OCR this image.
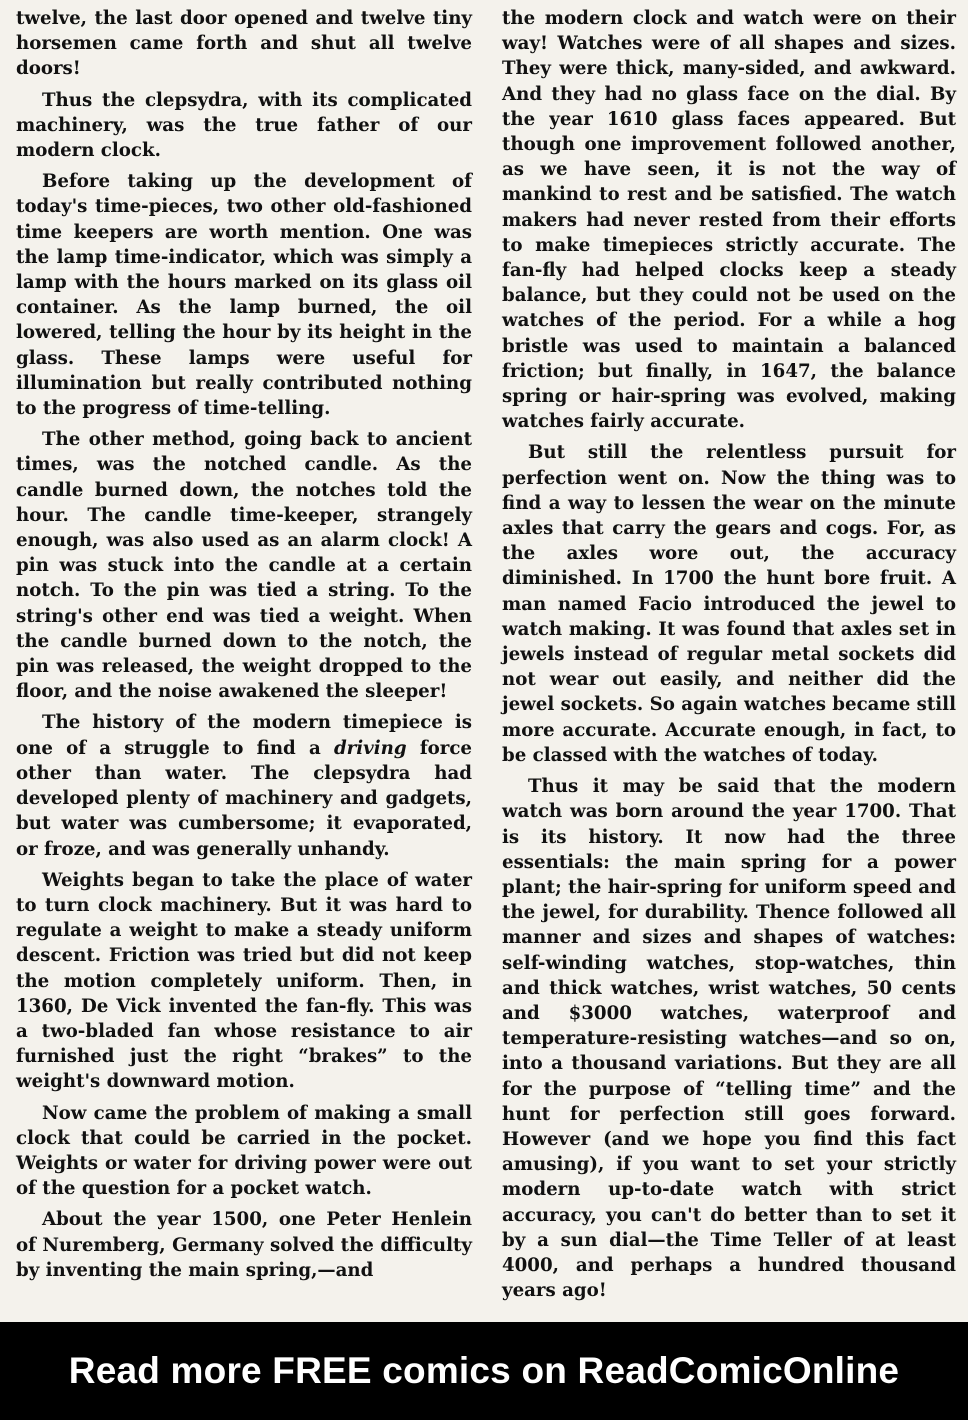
twelve, the last door opened and twelve tiny horsemen came forth and shut all twelve doors!

Thus the clepsydra, with its complicated machinery, was the true father of our modern clock.

Before taking up the development of today's time-pieces, two other old-fashioned time keepers are worth mention. One was the lamp time-indicator, which was simply a lamp with the hours marked on its glass oil container. As the lamp burned, the oil lowered, telling the hour by its height in the glass. These lamps were useful for illumination but really contributed nothing to the progress of time-telling.

The other method, going back to ancient times, was the notched candle. As the candle burned down, the notches told the hour. The candle time-keeper, strangely enough, was also used as an alarm clock! A pin was stuck into the candle at a certain notch. To the pin was tied a string. To the string's other end was tied a weight. When the candle burned down to the notch, the pin was released, the weight dropped to the floor, and the noise awakened the sleeper!

The history of the modern timepiece is one of a struggle to find a driving force other than water. The clepsydra had developed plenty of machinery and gadgets, but water was cumbersome; it evaporated, or froze, and was generally unhandy.

Weights began to take the place of water to turn clock machinery. But it was hard to regulate a weight to make a steady uniform descent. Friction was tried but did not keep the motion completely uniform. Then, in 1360, De Vick invented the fan-fly. This was a two-bladed fan whose resistance to air furnished just the right “brakes” to the weight's downward motion.

Now came the problem of making a small clock that could be carried in the pocket. Weights or water for driving power were out of the question for a pocket watch.

About the year 1500, one Peter Henlein of Nuremberg, Germany solved the difficulty by inventing the main spring,—and

the modern clock and watch were on their way! Watches were of all shapes and sizes. They were thick, many-sided, and awkward. And they had no glass face on the dial. By the year 1610 glass faces appeared. But though one improvement followed another, as we have seen, it is not the way of mankind to rest and be satisfied. The watch makers had never rested from their efforts to make timepieces strictly accurate. The fan-fly had helped clocks keep a steady balance, but they could not be used on the watches of the period. For a while a hog bristle was used to maintain a balanced friction; but finally, in 1647, the balance spring or hair-spring was evolved, making watches fairly accurate.

But still the relentless pursuit for perfection went on. Now the thing was to find a way to lessen the wear on the minute axles that carry the gears and cogs. For, as the axles wore out, the accuracy diminished. In 1700 the hunt bore fruit. A man named Facio introduced the jewel to watch making. It was found that axles set in jewels instead of regular metal sockets did not wear out easily, and neither did the jewel sockets. So again watches became still more accurate. Accurate enough, in fact, to be classed with the watches of today.

Thus it may be said that the modern watch was born around the year 1700. That is its history. It now had the three essentials: the main spring for a power plant; the hair-spring for uniform speed and the jewel, for durability. Thence followed all manner and sizes and shapes of watches: self-winding watches, stop-watches, thin and thick watches, wrist watches, 50 cents and $3000 watches, waterproof and temperature-resisting watches—and so on, into a thousand variations. But they are all for the purpose of “telling time” and the hunt for perfection still goes forward. However (and we hope you find this fact amusing), if you want to set your strictly modern up-to-date watch with strict accuracy, you can't do better than to set it by a sun dial—the Time Teller of at least 4000, and perhaps a hundred thousand years ago!

Read more FREE comics on ReadComicOnline
